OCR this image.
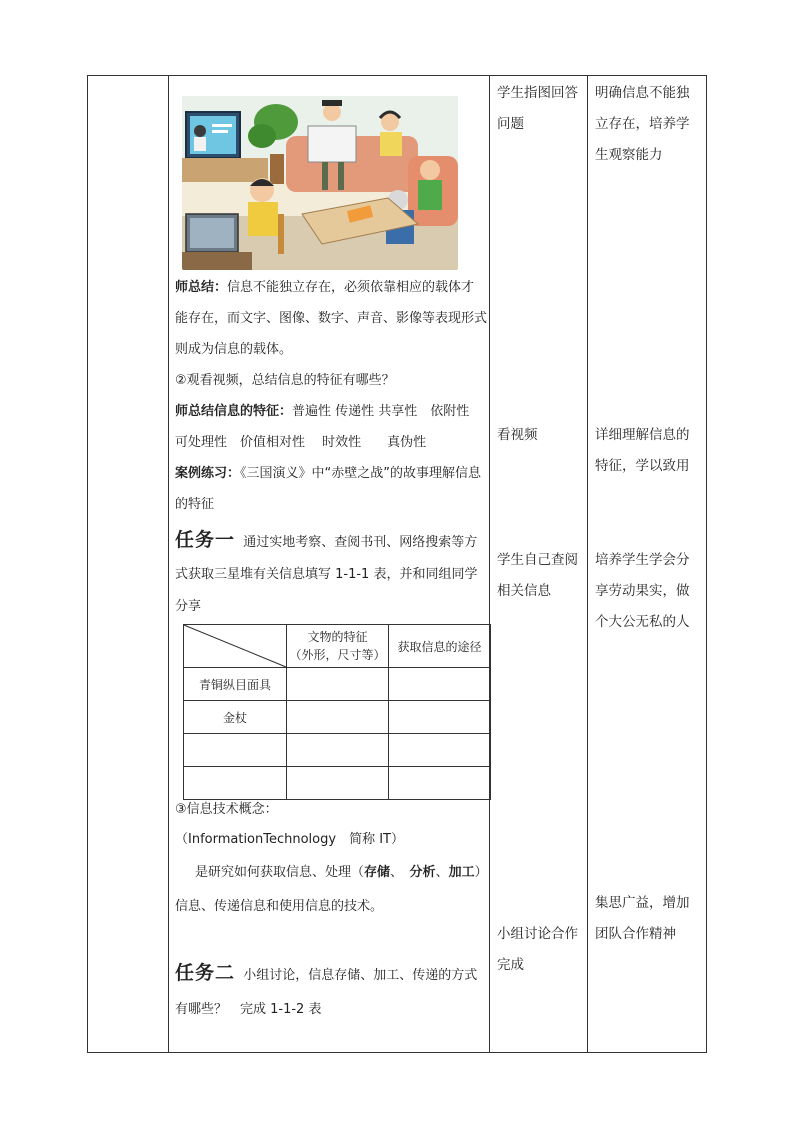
师总结：信息不能独立存在，必须依靠相应的载体才能存在，而文字、图像、数字、声音、影像等表现形式则成为信息的载体。
②观看视频，总结信息的特征有哪些？
师总结信息的特征：普遍性 传递性 共享性　依附性　可处理性　价值相对性　 时效性　　真伪性
案例练习：《三国演义》中“赤壁之战”的故事理解信息的特征
任务一 通过实地考察、查阅书刊、网络搜索等方式获取三星堆有关信息填写 1-1-1 表，并和同组同学分享

文物的特征
（外形，尺寸等）	获取信息的途径
青铜纵目面具		
金杖		

③信息技术概念：
（InformationTechnology　简称 IT）
是研究如何获取信息、处理（存储、　分析、加工）信息、传递信息和使用信息的技术。
任务二 小组讨论，信息存储、加工、传递的方式有哪些？　完成 1-1-2 表
学生指图回答问题
看视频
学生自己查阅相关信息
小组讨论合作完成
明确信息不能独立存在，培养学生观察能力
详细理解信息的特征，学以致用
培养学生学会分享劳动果实，做个大公无私的人
集思广益，增加团队合作精神
